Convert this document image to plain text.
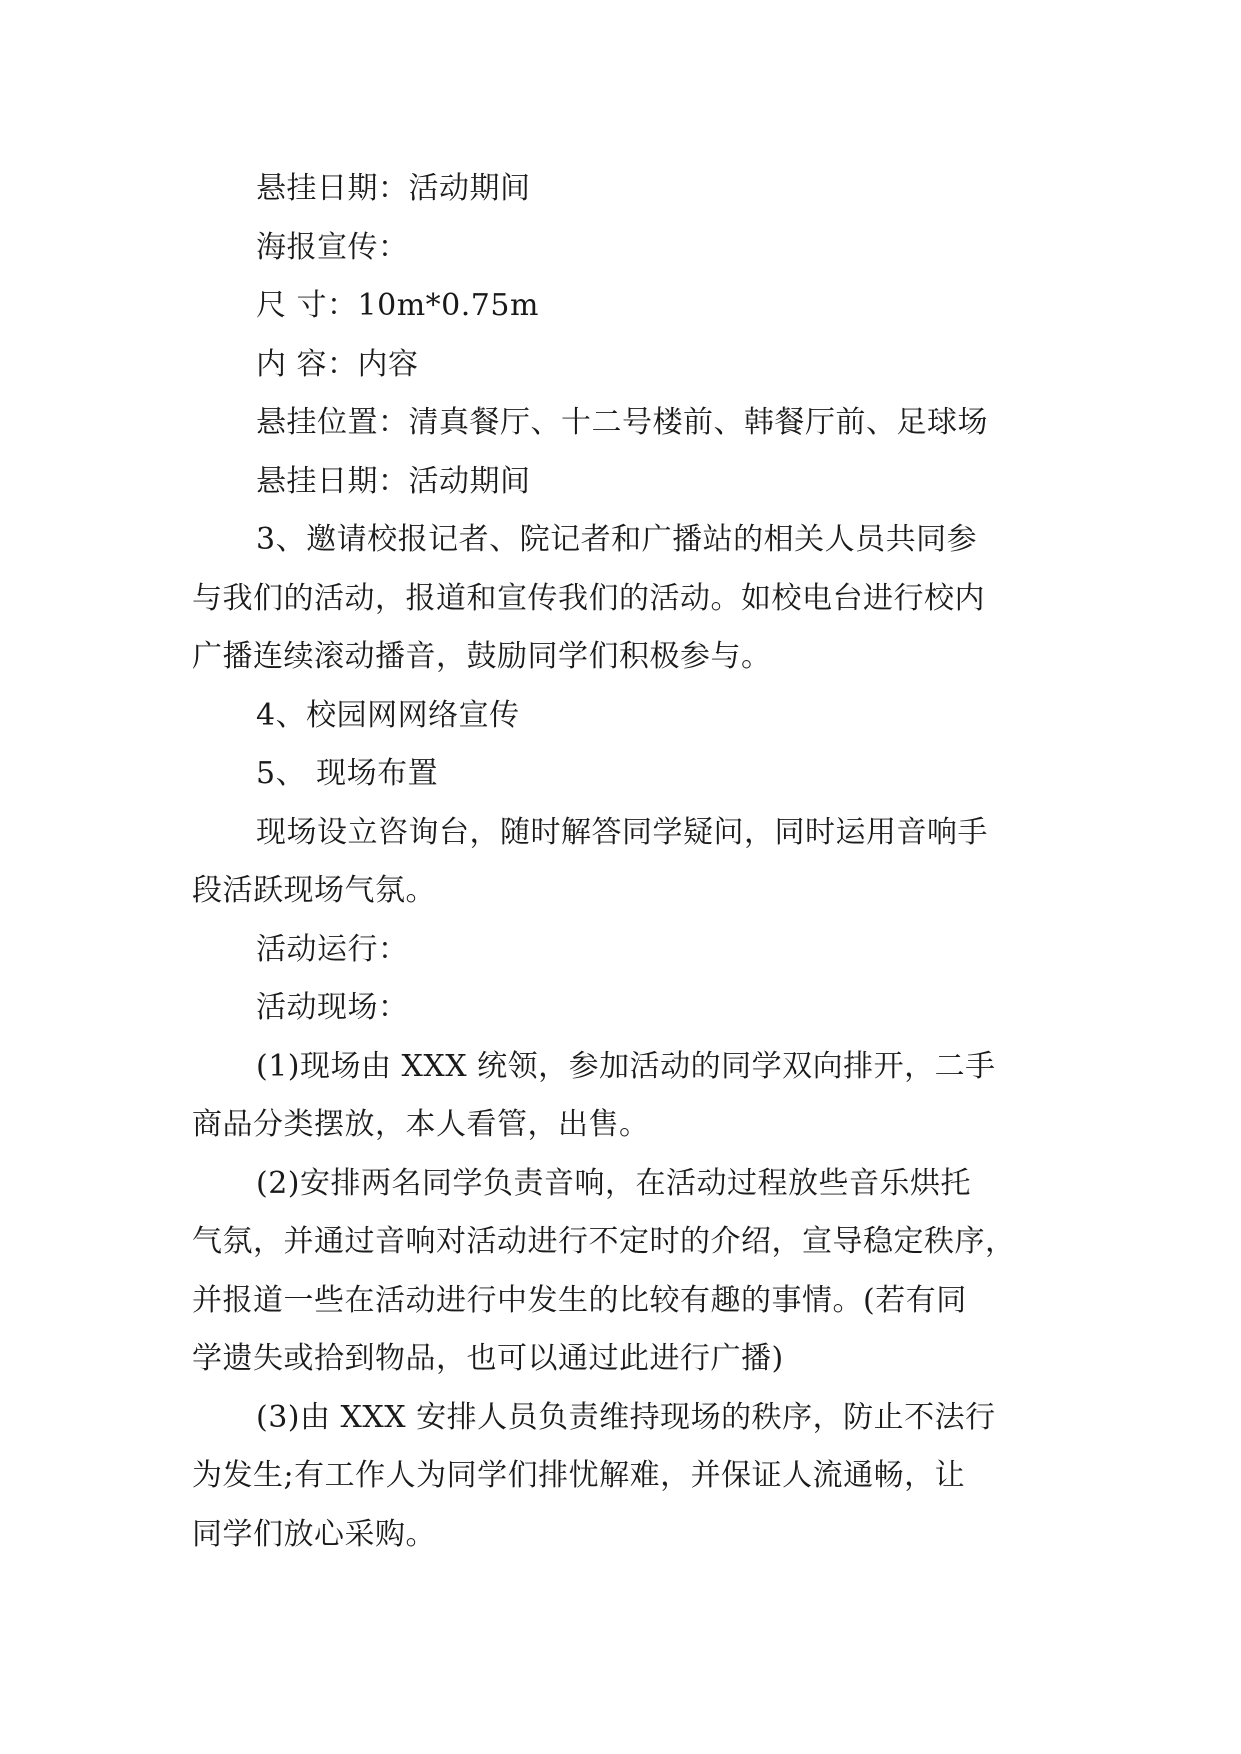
悬挂日期：活动期间
海报宣传：
尺 寸：10m*0.75m
内 容：内容
悬挂位置：清真餐厅、十二号楼前、韩餐厅前、足球场
悬挂日期：活动期间
3、邀请校报记者、院记者和广播站的相关人员共同参
与我们的活动，报道和宣传我们的活动。如校电台进行校内
广播连续滚动播音，鼓励同学们积极参与。
4、校园网网络宣传
5、 现场布置
现场设立咨询台，随时解答同学疑问，同时运用音响手
段活跃现场气氛。
活动运行：
活动现场：
(1)现场由 XXX 统领，参加活动的同学双向排开，二手
商品分类摆放，本人看管，出售。
(2)安排两名同学负责音响，在活动过程放些音乐烘托
气氛，并通过音响对活动进行不定时的介绍，宣导稳定秩序，
并报道一些在活动进行中发生的比较有趣的事情。(若有同
学遗失或拾到物品，也可以通过此进行广播)
(3)由 XXX 安排人员负责维持现场的秩序，防止不法行
为发生;有工作人为同学们排忧解难，并保证人流通畅，让
同学们放心采购。
